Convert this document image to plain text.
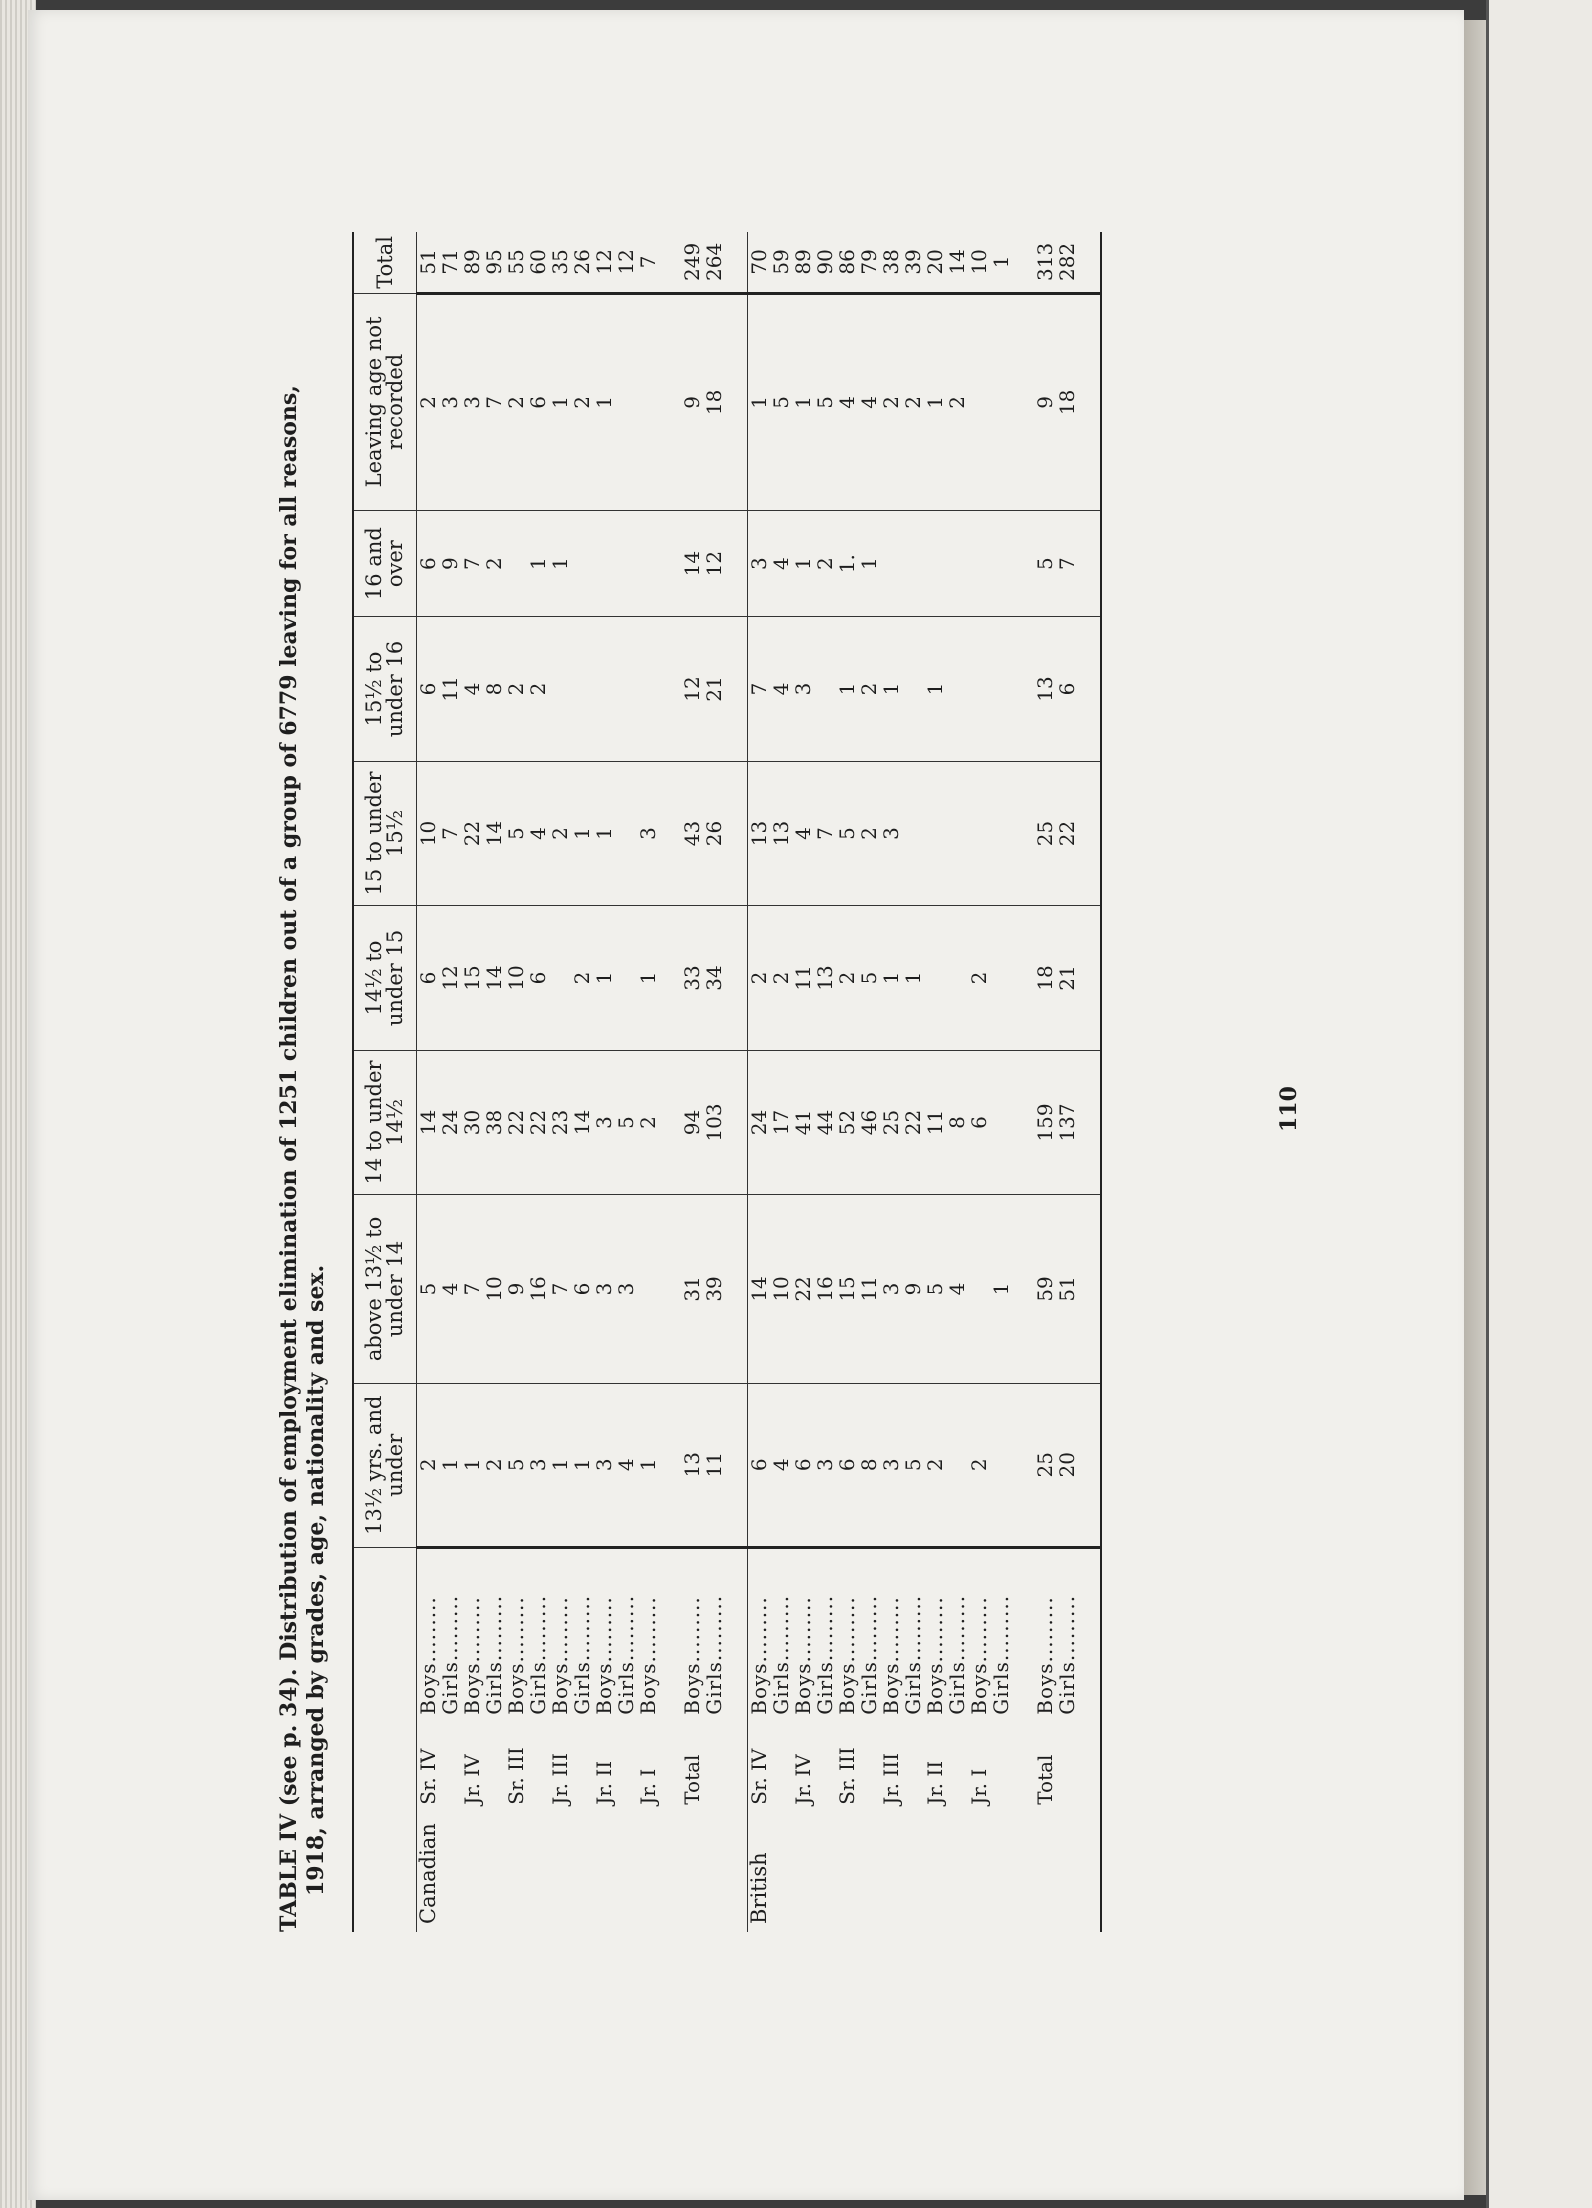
TABLE IV (see p. 34). Distribution of employment elimination of 1251 children out of a group of 6779 leaving for all reasons, 1918, arranged by grades, age, nationality and sex.
			13½ yrs. and under	above 13½ to under 14	14 to under 14½	14½ to under 15	15 to under 15½	15½ to under 16	16 and over	Leaving age not recorded	Total
Canadian	Sr. IV	Boys.........	2	5	14	6	10	6	6	2	51
		Girls.........	1	4	24	12	7	11	9	3	71
	Jr. IV	Boys.........	1	7	30	15	22	4	7	3	89
		Girls.........	2	10	38	14	14	8	2	7	95
	Sr. III	Boys.........	5	9	22	10	5	2		2	55
		Girls.........	3	16	22	6	4	2	1	6	60
	Jr. III	Boys.........	1	7	23		2		1	1	35
		Girls.........	1	6	14	2	1			2	26
	Jr. II	Boys.........	3	3	3	1	1			1	12
		Girls.........	4	3	5						12
	Jr. I	Boys.........	1		2	1	3				7

	Total	Boys.........	13	31	94	33	43	12	14	9	249
		Girls.........	11	39	103	34	26	21	12	18	264

British	Sr. IV	Boys.........	6	14	24	2	13	7	3	1	70
		Girls.........	4	10	17	2	13	4	4	5	59
	Jr. IV	Boys.........	6	22	41	11	4	3	1	1	89
		Girls.........	3	16	44	13	7		2	5	90
	Sr. III	Boys.........	6	15	52	2	5	1	1.	4	86
		Girls.........	8	11	46	5	2	2	1	4	79
	Jr. III	Boys.........	3	3	25	1	3	1		2	38
		Girls.........	5	9	22	1				2	39
	Jr. II	Boys.........	2	5	11			1		1	20
		Girls.........		4	8					2	14
	Jr. I	Boys.........	2		6	2					10
		Girls.........		1							1

	Total	Boys.........	25	59	159	18	25	13	5	9	313
		Girls.........	20	51	137	21	22	6	7	18	282

110
